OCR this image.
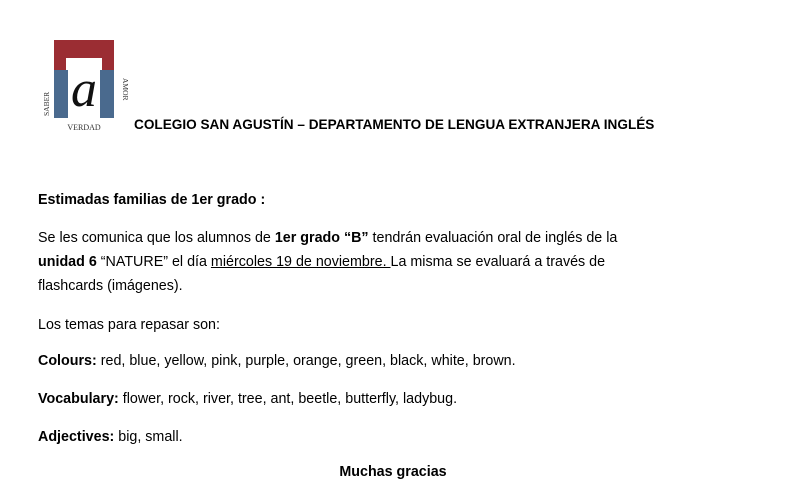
a
SABER
AMOR
VERDAD COLEGIO SAN AGUSTÍN – DEPARTAMENTO DE LENGUA EXTRANJERA INGLÉS
Estimadas familias de 1er grado :
Se les comunica que los alumnos de 1er grado “B” tendrán evaluación oral de inglés de la
unidad 6 “NATURE” el día miércoles 19 de noviembre. La misma se evaluará a través de
flashcards (imágenes).
Los temas para repasar son:
Colours: red, blue, yellow, pink, purple, orange, green, black, white, brown.
Vocabulary: flower, rock, river, tree, ant, beetle, butterfly, ladybug.
Adjectives: big, small.
Muchas gracias
